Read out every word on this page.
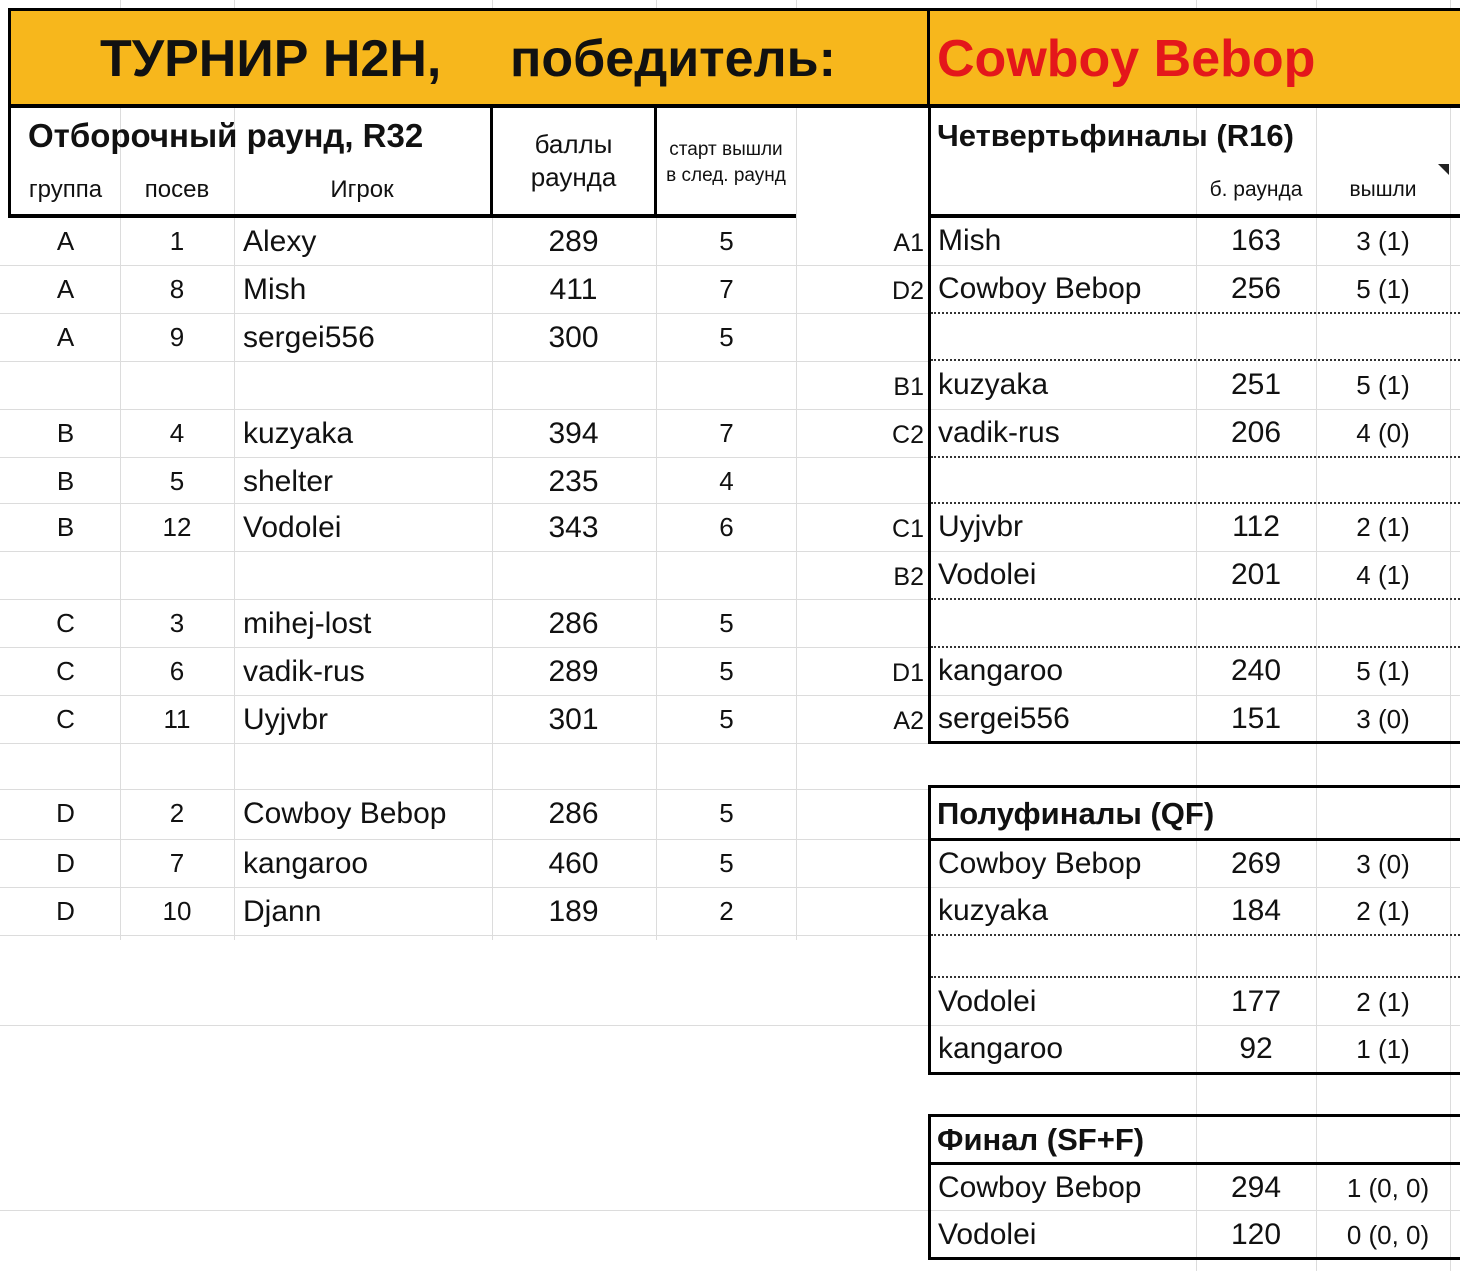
ТУРНИР H2H, победитель: Cowboy Bebop
Отборочный раунд, R32
группа	посев	Игрок
баллы
раунда
старт вышли в след. раунд
A	1	Alexy	289	5
A	8	Mish	411	7
A	9	sergei556	300	5
B	4	kuzyaka	394	7
B	5	shelter	235	4
B	12	Vodolei	343	6
C	3	mihej-lost	286	5
C	6	vadik-rus	289	5
C	11	Uyjvbr	301	5
D	2	Cowboy Bebop	286	5
D	7	kangaroo	460	5
D	10	Djann	189	2
Четвертьфиналы (R16)
б. раунда	вышли
A1 Mish	163	3 (1)
D2 Cowboy Bebop	256	5 (1)
B1 kuzyaka	251	5 (1)
C2 vadik-rus	206	4 (0)
C1 Uyjvbr	112	2 (1)
B2 Vodolei	201	4 (1)
D1 kangaroo	240	5 (1)
A2 sergei556	151	3 (0)
Полуфиналы (QF)
Cowboy Bebop	269	3 (0)
kuzyaka	184	2 (1)
Vodolei	177	2 (1)
kangaroo	92	1 (1)
Финал (SF+F)
Cowboy Bebop	294	1 (0, 0)
Vodolei	120	0 (0, 0)
